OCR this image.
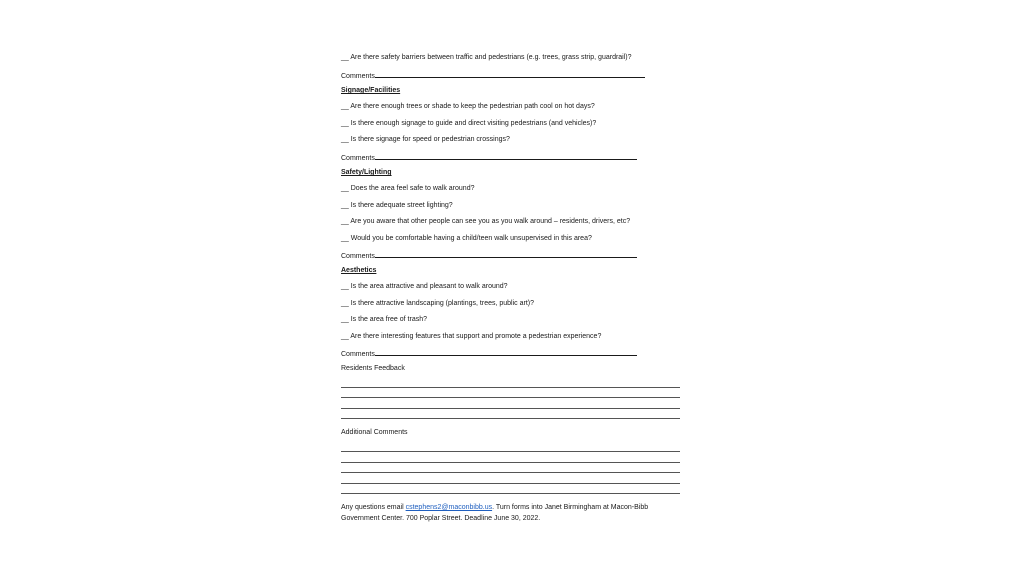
__ Are there safety barriers between traffic and pedestrians (e.g. trees, grass strip, guardrail)?
Comments
Signage/Facilities
__ Are there enough trees or shade to keep the pedestrian path cool on hot days?
__ Is there enough signage to guide and direct visiting pedestrians (and vehicles)?
__ Is there signage for speed or pedestrian crossings?
Comments
Safety/Lighting
__ Does the area feel safe to walk around?
__ Is there adequate street lighting?
__ Are you aware that other people can see you as you walk around – residents, drivers, etc?
__ Would you be comfortable having a child/teen walk unsupervised in this area?
Comments
Aesthetics
__ Is the area attractive and pleasant to walk around?
__ Is there attractive landscaping (plantings, trees, public art)?
__ Is the area free of trash?
__ Are there interesting features that support and promote a pedestrian experience?
Comments
Residents Feedback
Additional Comments
Any questions email cstephens2@maconbibb.us. Turn forms into Janet Birmingham at Macon-Bibb
Government Center. 700 Poplar Street. Deadline June 30, 2022.
